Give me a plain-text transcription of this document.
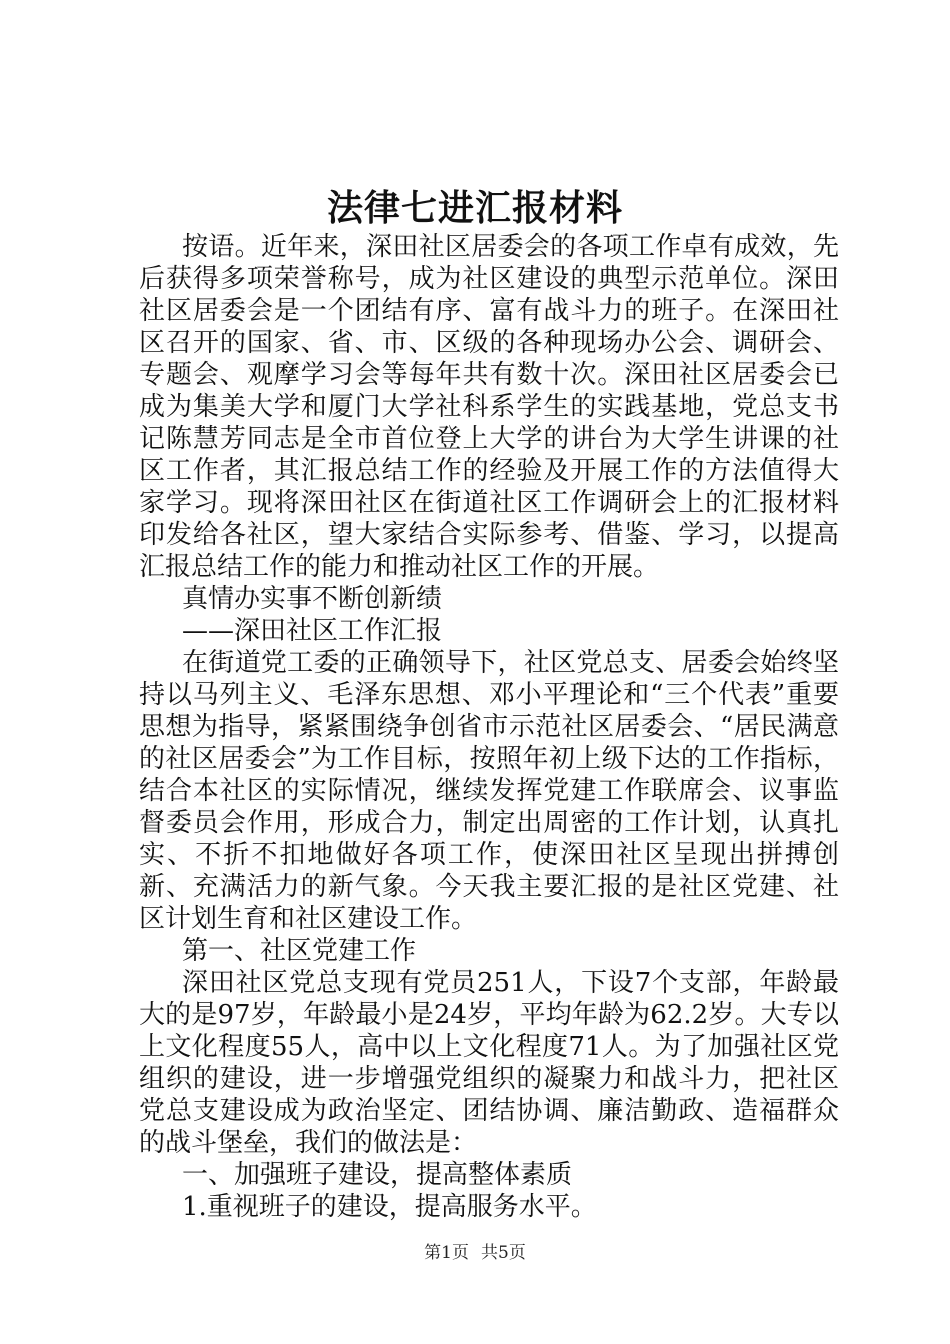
法律七进汇报材料

按语。近年来，深田社区居委会的各项工作卓有成效，先后获得多项荣誉称号，成为社区建设的典型示范单位。深田社区居委会是一个团结有序、富有战斗力的班子。在深田社区召开的国家、省、市、区级的各种现场办公会、调研会、专题会、观摩学习会等每年共有数十次。深田社区居委会已成为集美大学和厦门大学社科系学生的实践基地，党总支书记陈慧芳同志是全市首位登上大学的讲台为大学生讲课的社区工作者，其汇报总结工作的经验及开展工作的方法值得大家学习。现将深田社区在街道社区工作调研会上的汇报材料印发给各社区，望大家结合实际参考、借鉴、学习，以提高汇报总结工作的能力和推动社区工作的开展。

真情办实事不断创新绩

——深田社区工作汇报

在街道党工委的正确领导下，社区党总支、居委会始终坚持以马列主义、毛泽东思想、邓小平理论和“三个代表”重要思想为指导，紧紧围绕争创省市示范社区居委会、“居民满意的社区居委会”为工作目标，按照年初上级下达的工作指标，结合本社区的实际情况，继续发挥党建工作联席会、议事监督委员会作用，形成合力，制定出周密的工作计划，认真扎实、不折不扣地做好各项工作，使深田社区呈现出拼搏创新、充满活力的新气象。今天我主要汇报的是社区党建、社区计划生育和社区建设工作。

第一、社区党建工作

深田社区党总支现有党员251人，下设7个支部，年龄最大的是97岁，年龄最小是24岁，平均年龄为62.2岁。大专以上文化程度55人，高中以上文化程度71人。为了加强社区党组织的建设，进一步增强党组织的凝聚力和战斗力，把社区党总支建设成为政治坚定、团结协调、廉洁勤政、造福群众的战斗堡垒，我们的做法是：

一、加强班子建设，提高整体素质

1.重视班子的建设，提高服务水平。

第1页 共5页
